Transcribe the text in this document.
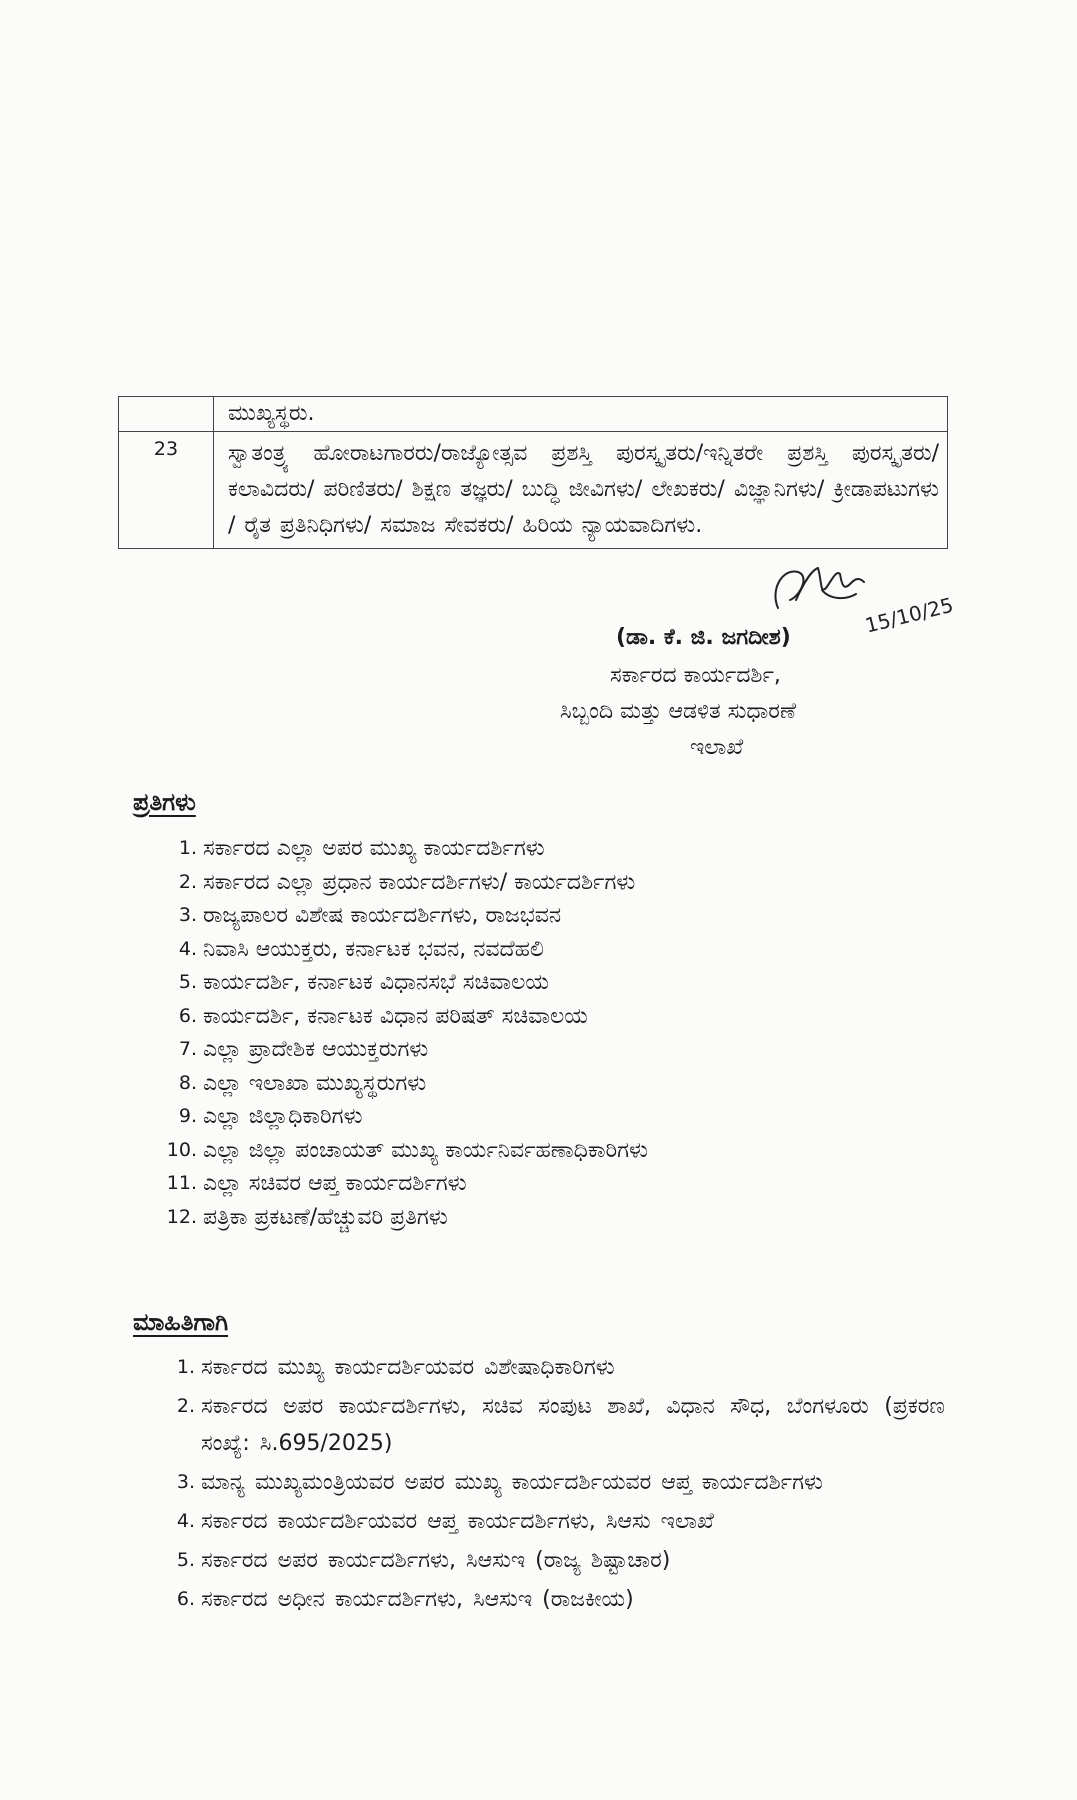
ಮುಖ್ಯಸ್ಥರು.
23	ಸ್ವಾತಂತ್ರ್ಯ ಹೋರಾಟಗಾರರು/ರಾಜ್ಯೋತ್ಸವ ಪ್ರಶಸ್ತಿ ಪುರಸ್ಕೃತರು/ಇನ್ನಿತರೇ ಪ್ರಶಸ್ತಿ ಪುರಸ್ಕೃತರು/ಕಲಾವಿದರು/ ಪರಿಣಿತರು/ ಶಿಕ್ಷಣ ತಜ್ಞರು/ ಬುದ್ಧಿ ಜೀವಿಗಳು/ ಲೇಖಕರು/ ವಿಜ್ಞಾನಿಗಳು/ ಕ್ರೀಡಾಪಟುಗಳು / ರೈತ ಪ್ರತಿನಿಧಿಗಳು/ ಸಮಾಜ ಸೇವಕರು/ ಹಿರಿಯ ನ್ಯಾಯವಾದಿಗಳು.
15/10/25
(ಡಾ. ಕೆ. ಜಿ. ಜಗದೀಶ)
ಸರ್ಕಾರದ ಕಾರ್ಯದರ್ಶಿ,
ಸಿಬ್ಬಂದಿ ಮತ್ತು ಆಡಳಿತ ಸುಧಾರಣೆ
ಇಲಾಖೆ
ಪ್ರತಿಗಳು
1. ಸರ್ಕಾರದ ಎಲ್ಲಾ ಅಪರ ಮುಖ್ಯ ಕಾರ್ಯದರ್ಶಿಗಳು
2. ಸರ್ಕಾರದ ಎಲ್ಲಾ ಪ್ರಧಾನ ಕಾರ್ಯದರ್ಶಿಗಳು/ ಕಾರ್ಯದರ್ಶಿಗಳು
3. ರಾಜ್ಯಪಾಲರ ವಿಶೇಷ ಕಾರ್ಯದರ್ಶಿಗಳು, ರಾಜಭವನ
4. ನಿವಾಸಿ ಆಯುಕ್ತರು, ಕರ್ನಾಟಕ ಭವನ, ನವದೆಹಲಿ
5. ಕಾರ್ಯದರ್ಶಿ, ಕರ್ನಾಟಕ ವಿಧಾನಸಭೆ ಸಚಿವಾಲಯ
6. ಕಾರ್ಯದರ್ಶಿ, ಕರ್ನಾಟಕ ವಿಧಾನ ಪರಿಷತ್ ಸಚಿವಾಲಯ
7. ಎಲ್ಲಾ ಪ್ರಾದೇಶಿಕ ಆಯುಕ್ತರುಗಳು
8. ಎಲ್ಲಾ ಇಲಾಖಾ ಮುಖ್ಯಸ್ಥರುಗಳು
9. ಎಲ್ಲಾ ಜಿಲ್ಲಾಧಿಕಾರಿಗಳು
10. ಎಲ್ಲಾ ಜಿಲ್ಲಾ ಪಂಚಾಯತ್ ಮುಖ್ಯ ಕಾರ್ಯನಿರ್ವಹಣಾಧಿಕಾರಿಗಳು
11. ಎಲ್ಲಾ ಸಚಿವರ ಆಪ್ತ ಕಾರ್ಯದರ್ಶಿಗಳು
12. ಪತ್ರಿಕಾ ಪ್ರಕಟಣೆ/ಹೆಚ್ಚುವರಿ ಪ್ರತಿಗಳು
ಮಾಹಿತಿಗಾಗಿ
1. ಸರ್ಕಾರದ ಮುಖ್ಯ ಕಾರ್ಯದರ್ಶಿಯವರ ವಿಶೇಷಾಧಿಕಾರಿಗಳು
2. ಸರ್ಕಾರದ ಅಪರ ಕಾರ್ಯದರ್ಶಿಗಳು, ಸಚಿವ ಸಂಪುಟ ಶಾಖೆ, ವಿಧಾನ ಸೌಧ, ಬೆಂಗಳೂರು (ಪ್ರಕರಣ ಸಂಖ್ಯೆ: ಸಿ.695/2025)
3. ಮಾನ್ಯ ಮುಖ್ಯಮಂತ್ರಿಯವರ ಅಪರ ಮುಖ್ಯ ಕಾರ್ಯದರ್ಶಿಯವರ ಆಪ್ತ ಕಾರ್ಯದರ್ಶಿಗಳು
4. ಸರ್ಕಾರದ ಕಾರ್ಯದರ್ಶಿಯವರ ಆಪ್ತ ಕಾರ್ಯದರ್ಶಿಗಳು, ಸಿಆಸು ಇಲಾಖೆ
5. ಸರ್ಕಾರದ ಅಪರ ಕಾರ್ಯದರ್ಶಿಗಳು, ಸಿಆಸುಇ (ರಾಜ್ಯ ಶಿಷ್ಟಾಚಾರ)
6. ಸರ್ಕಾರದ ಅಧೀನ ಕಾರ್ಯದರ್ಶಿಗಳು, ಸಿಆಸುಇ (ರಾಜಕೀಯ)
